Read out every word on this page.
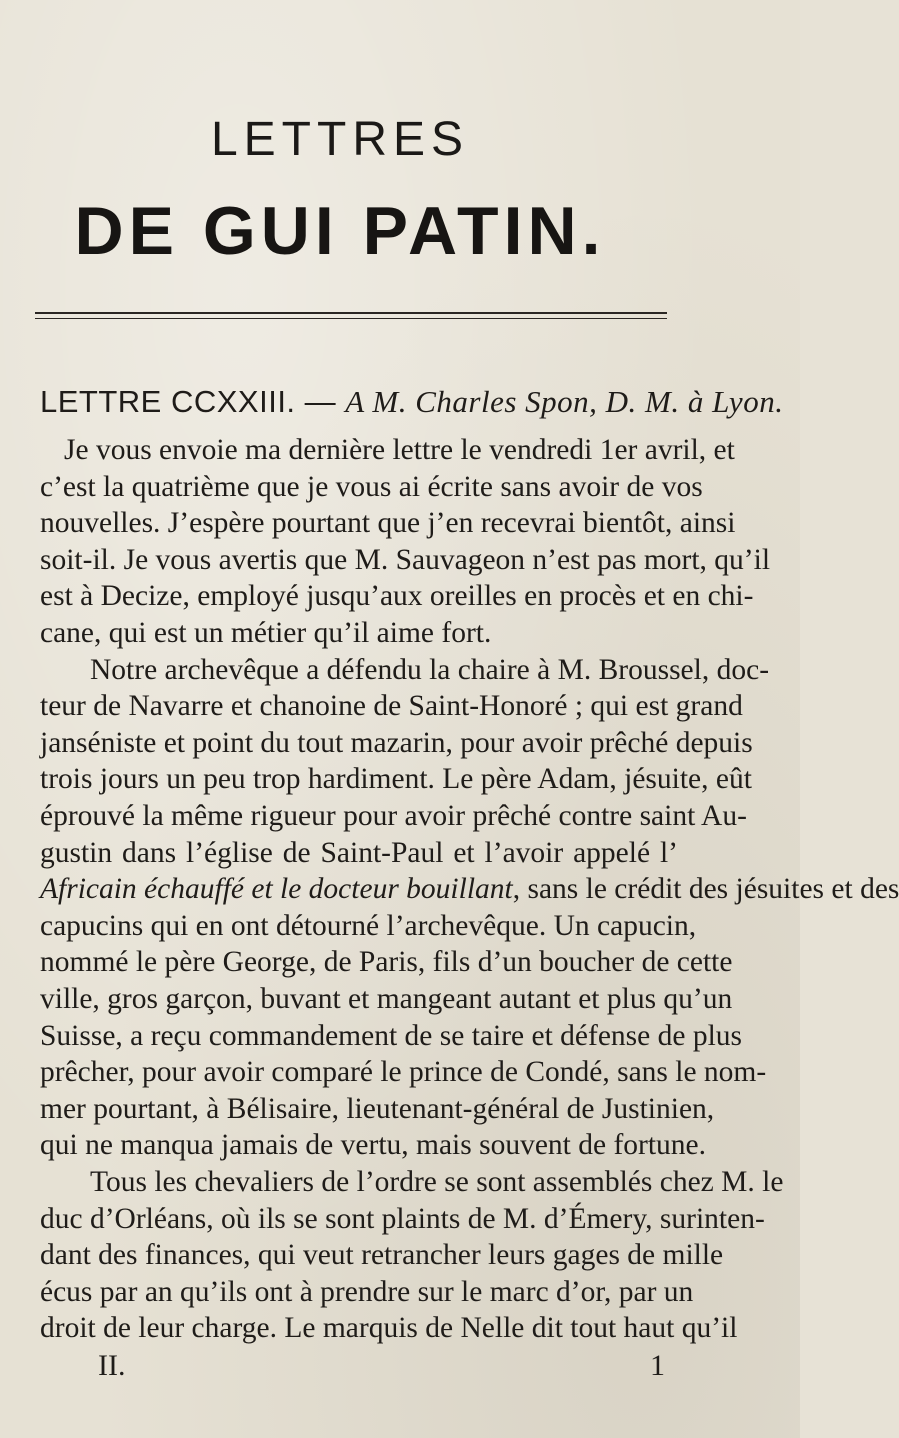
LETTRES
DE GUI PATIN.
LETTRE CCXXIII. — A M. Charles Spon, D. M. à Lyon.
Je vous envoie ma dernière lettre le vendredi 1er avril, et
c’est la quatrième que je vous ai écrite sans avoir de vos
nouvelles. J’espère pourtant que j’en recevrai bientôt, ainsi
soit-il. Je vous avertis que M. Sauvageon n’est pas mort, qu’il
est à Decize, employé jusqu’aux oreilles en procès et en chi-
cane, qui est un métier qu’il aime fort.
Notre archevêque a défendu la chaire à M. Broussel, doc-
teur de Navarre et chanoine de Saint-Honoré ; qui est grand
janséniste et point du tout mazarin, pour avoir prêché depuis
trois jours un peu trop hardiment. Le père Adam, jésuite, eût
éprouvé la même rigueur pour avoir prêché contre saint Au-
gustin dans l’église de Saint-Paul et l’avoir appelé l’
Africain échauffé et le docteur bouillant, sans le crédit des jésuites et des
capucins qui en ont détourné l’archevêque. Un capucin,
nommé le père George, de Paris, fils d’un boucher de cette
ville, gros garçon, buvant et mangeant autant et plus qu’un
Suisse, a reçu commandement de se taire et défense de plus
prêcher, pour avoir comparé le prince de Condé, sans le nom-
mer pourtant, à Bélisaire, lieutenant-général de Justinien,
qui ne manqua jamais de vertu, mais souvent de fortune.
Tous les chevaliers de l’ordre se sont assemblés chez M. le
duc d’Orléans, où ils se sont plaints de M. d’Émery, surinten-
dant des finances, qui veut retrancher leurs gages de mille
écus par an qu’ils ont à prendre sur le marc d’or, par un
droit de leur charge. Le marquis de Nelle dit tout haut qu’il
II.	1
